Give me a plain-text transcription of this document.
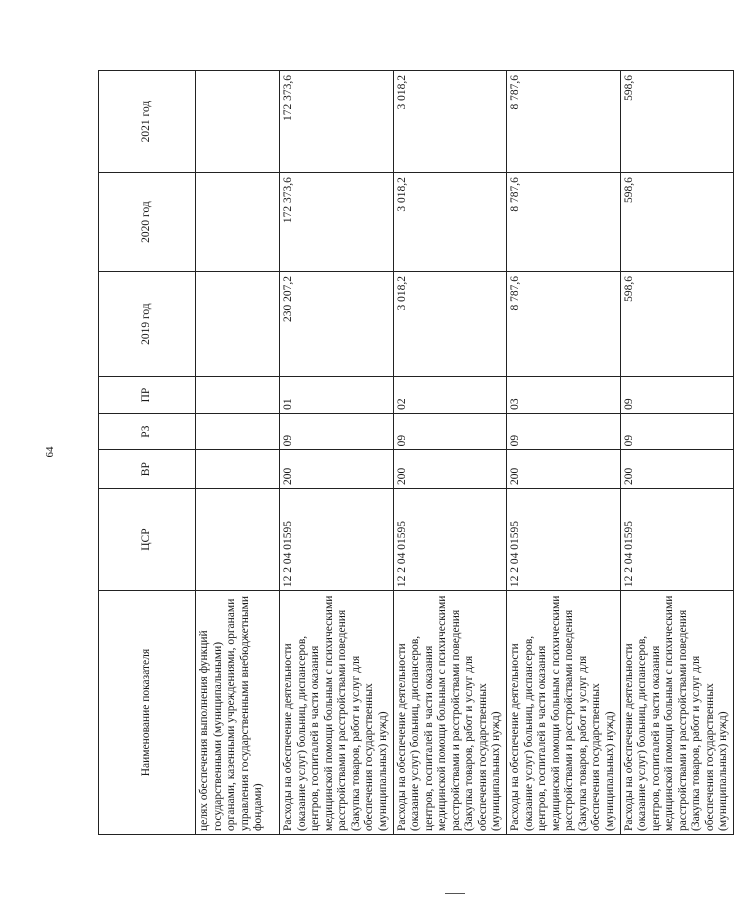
64
Наименование показателя	ЦСР	ВР	РЗ	ПР	2019 год	2020 год	2021 год
целях обеспечения выполнения функций государственными (муниципальными) органами, казенными учреждениями, органами управления государственными внебюджетными фондами)							
Расходы на обеспечение деятельности (оказание услуг) больниц, диспансеров, центров, госпиталей в части оказания медицинской помощи больным с психическими расстройствами и расстройствами поведения (Закупка товаров, работ и услуг для обеспечения государственных (муниципальных) нужд)	12 2 04 01595	200	09	01	230 207,2	172 373,6	172 373,6
Расходы на обеспечение деятельности (оказание услуг) больниц, диспансеров, центров, госпиталей в части оказания медицинской помощи больным с психическими расстройствами и расстройствами поведения (Закупка товаров, работ и услуг для обеспечения государственных (муниципальных) нужд)	12 2 04 01595	200	09	02	3 018,2	3 018,2	3 018,2
Расходы на обеспечение деятельности (оказание услуг) больниц, диспансеров, центров, госпиталей в части оказания медицинской помощи больным с психическими расстройствами и расстройствами поведения (Закупка товаров, работ и услуг для обеспечения государственных (муниципальных) нужд)	12 2 04 01595	200	09	03	8 787,6	8 787,6	8 787,6
Расходы на обеспечение деятельности (оказание услуг) больниц, диспансеров, центров, госпиталей в части оказания медицинской помощи больным с психическими расстройствами и расстройствами поведения (Закупка товаров, работ и услуг для обеспечения государственных (муниципальных) нужд)	12 2 04 01595	200	09	09	598,6	598,6	598,6
